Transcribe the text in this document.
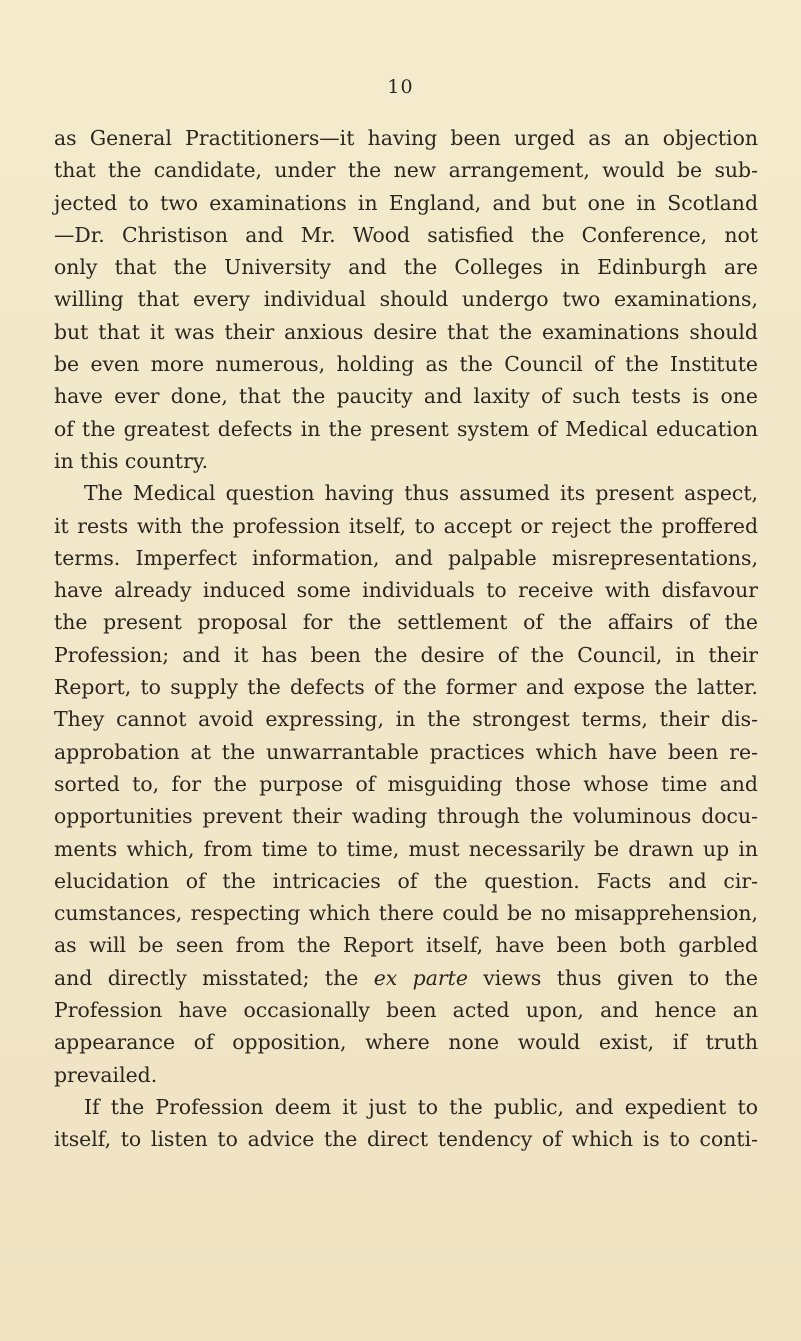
10
as General Practitioners—it having been urged as an objection
that the candidate, under the new arrangement, would be sub-
jected to two examinations in England, and but one in Scotland
—Dr. Christison and Mr. Wood satisfied the Conference, not
only that the University and the Colleges in Edinburgh are
willing that every individual should undergo two examinations,
but that it was their anxious desire that the examinations should
be even more numerous, holding as the Council of the Institute
have ever done, that the paucity and laxity of such tests is one
of the greatest defects in the present system of Medical education
in this country.
The Medical question having thus assumed its present aspect,
it rests with the profession itself, to accept or reject the proffered
terms. Imperfect information, and palpable misrepresentations,
have already induced some individuals to receive with disfavour
the present proposal for the settlement of the affairs of the
Profession; and it has been the desire of the Council, in their
Report, to supply the defects of the former and expose the latter.
They cannot avoid expressing, in the strongest terms, their dis-
approbation at the unwarrantable practices which have been re-
sorted to, for the purpose of misguiding those whose time and
opportunities prevent their wading through the voluminous docu-
ments which, from time to time, must necessarily be drawn up in
elucidation of the intricacies of the question. Facts and cir-
cumstances, respecting which there could be no misapprehension,
as will be seen from the Report itself, have been both garbled
and directly misstated; the ex parte views thus given to the
Profession have occasionally been acted upon, and hence an
appearance of opposition, where none would exist, if truth
prevailed.
If the Profession deem it just to the public, and expedient to
itself, to listen to advice the direct tendency of which is to conti-
